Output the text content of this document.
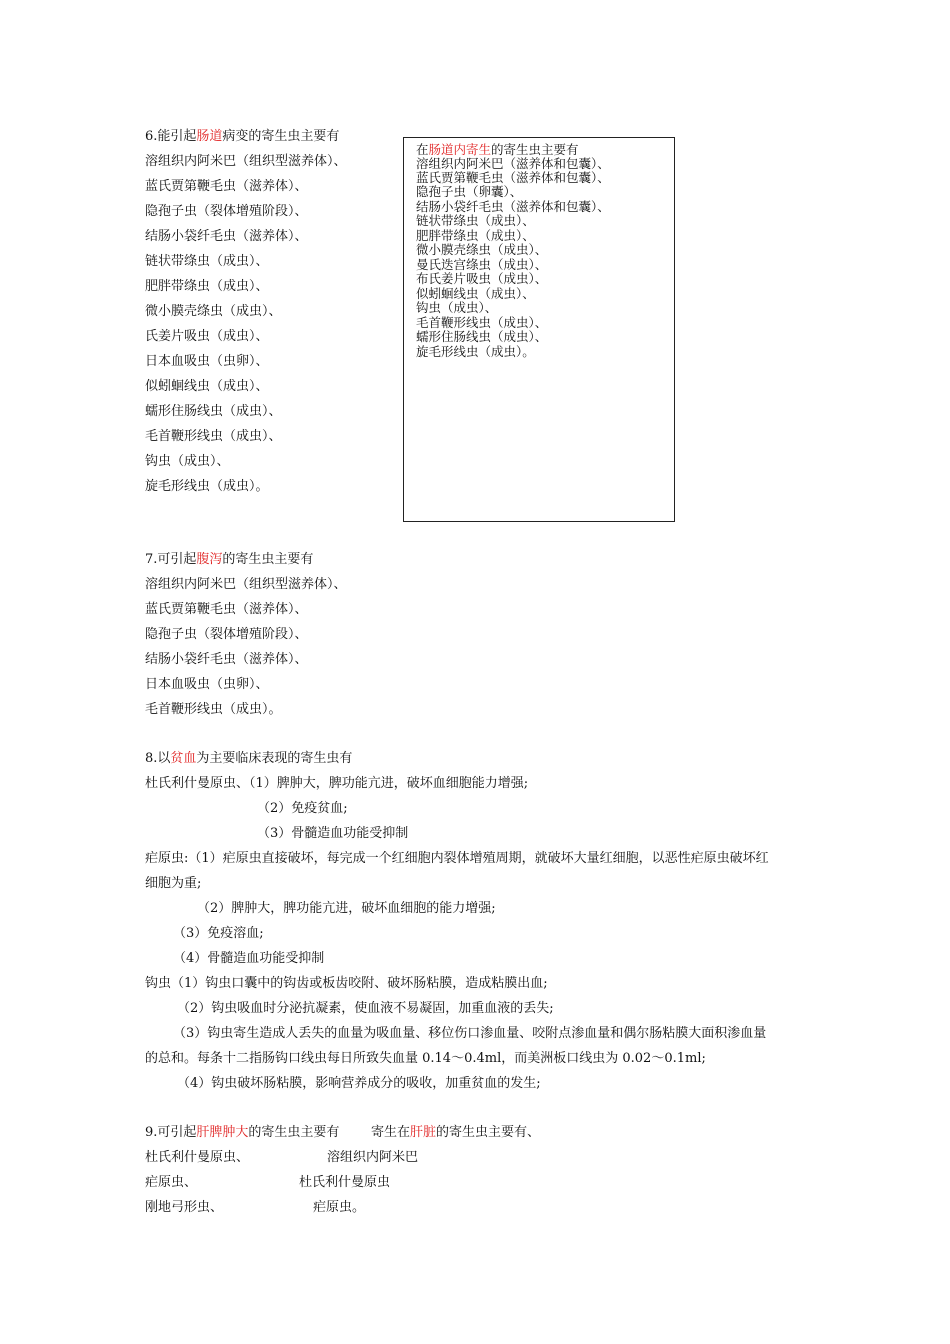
6.能引起肠道病变的寄生虫主要有
溶组织内阿米巴（组织型滋养体）、
蓝氏贾第鞭毛虫（滋养体）、
隐孢子虫（裂体增殖阶段）、
结肠小袋纤毛虫（滋养体）、
链状带绦虫（成虫）、
肥胖带绦虫（成虫）、
微小膜壳绦虫（成虫）、
氏姜片吸虫（成虫）、
日本血吸虫（虫卵）、
似蚓蛔线虫（成虫）、
蠕形住肠线虫（成虫）、
毛首鞭形线虫（成虫）、
钩虫（成虫）、
旋毛形线虫（成虫）。
在肠道内寄生的寄生虫主要有
溶组织内阿米巴（滋养体和包囊）、
蓝氏贾第鞭毛虫（滋养体和包囊）、
隐孢子虫（卵囊）、
结肠小袋纤毛虫（滋养体和包囊）、
链状带绦虫（成虫）、
肥胖带绦虫（成虫）、
微小膜壳绦虫（成虫）、
曼氏迭宫绦虫（成虫）、
布氏姜片吸虫（成虫）、
似蚓蛔线虫（成虫）、
钩虫（成虫）、
毛首鞭形线虫（成虫）、
蠕形住肠线虫（成虫）、
旋毛形线虫（成虫）。
7.可引起腹泻的寄生虫主要有
溶组织内阿米巴（组织型滋养体）、
蓝氏贾第鞭毛虫（滋养体）、
隐孢子虫（裂体增殖阶段）、
结肠小袋纤毛虫（滋养体）、
日本血吸虫（虫卵）、
毛首鞭形线虫（成虫）。
8.以贫血为主要临床表现的寄生虫有
杜氏利什曼原虫、（1）脾肿大，脾功能亢进，破坏血细胞能力增强;
（2）免疫贫血;
（3）骨髓造血功能受抑制
疟原虫:（1）疟原虫直接破坏，每完成一个红细胞内裂体增殖周期，就破坏大量红细胞，以恶性疟原虫破坏红
细胞为重;
（2）脾肿大，脾功能亢进，破坏血细胞的能力增强;
（3）免疫溶血;
（4）骨髓造血功能受抑制
钩虫（1）钩虫口囊中的钩齿或板齿咬附、破坏肠粘膜，造成粘膜出血;
（2）钩虫吸血时分泌抗凝素，使血液不易凝固，加重血液的丢失;
（3）钩虫寄生造成人丢失的血量为吸血量、移位伤口渗血量、咬附点渗血量和偶尔肠粘膜大面积渗血量
的总和。每条十二指肠钩口线虫每日所致失血量 0.14～0.4ml，而美洲板口线虫为 0.02～0.1ml;
（4）钩虫破坏肠粘膜，影响营养成分的吸收，加重贫血的发生;
9.可引起肝脾肿大的寄生虫主要有 寄生在肝脏的寄生虫主要有、
杜氏利什曼原虫、	溶组织内阿米巴
疟原虫、	杜氏利什曼原虫
刚地弓形虫、	疟原虫。
